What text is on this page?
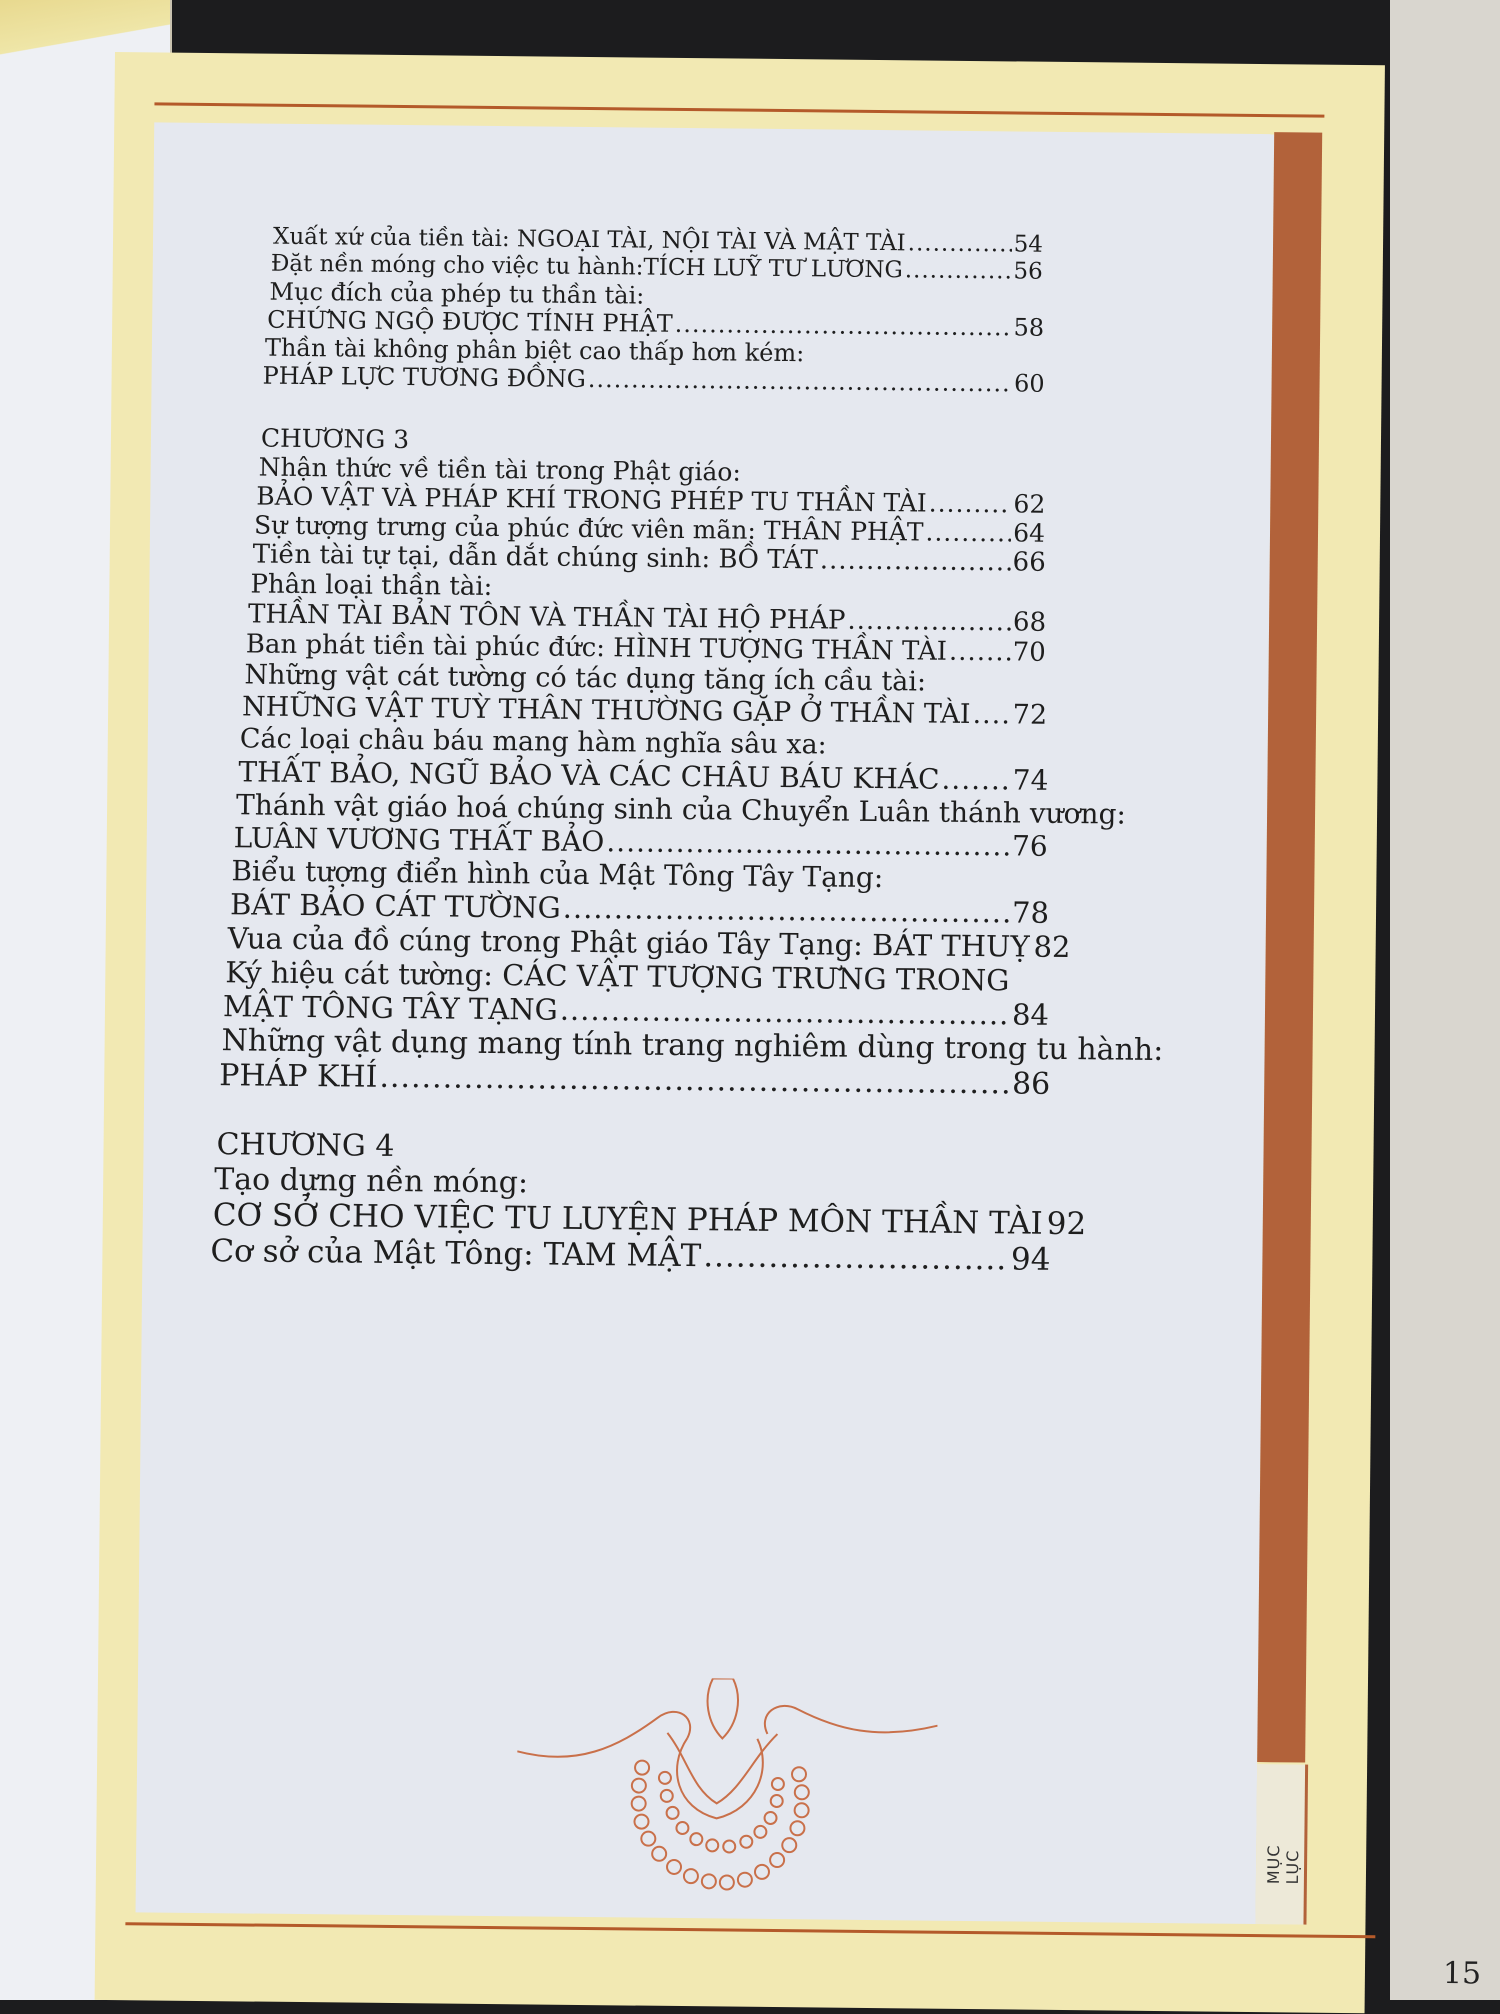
MỤC LỤC
15
Xuất xứ của tiền tài: NGOẠI TÀI, NỘI TÀI VÀ MẬT TÀI .....	54
Đặt nền móng cho việc tu hành:TÍCH LUỸ TƯ LƯƠNG .....	56
Mục đích của phép tu thần tài:
CHỨNG NGỘ ĐƯỢC TÍNH PHẬT .....	58
Thần tài không phân biệt cao thấp hơn kém:
PHÁP LỰC TƯƠNG ĐỒNG .....	60
CHƯƠNG 3
Nhận thức về tiền tài trong Phật giáo:
BẢO VẬT VÀ PHÁP KHÍ TRONG PHÉP TU THẦN TÀI .....	62
Sự tượng trưng của phúc đức viên mãn: THÂN PHẬT .....	64
Tiền tài tự tại, dẫn dắt chúng sinh: BỒ TÁT .....	66
Phân loại thần tài:
THẦN TÀI BẢN TÔN VÀ THẦN TÀI HỘ PHÁP .....	68
Ban phát tiền tài phúc đức: HÌNH TƯỢNG THẦN TÀI .....	70
Những vật cát tường có tác dụng tăng ích cầu tài:
NHỮNG VẬT TUỲ THÂN THƯỜNG GẶP Ở THẦN TÀI ..... 72
Các loại châu báu mang hàm nghĩa sâu xa:
THẤT BẢO, NGŨ BẢO VÀ CÁC CHÂU BÁU KHÁC .....	74
Thánh vật giáo hoá chúng sinh của Chuyển Luân thánh vương:
LUÂN VƯƠNG THẤT BẢO .....	76
Biểu tượng điển hình của Mật Tông Tây Tạng:
BÁT BẢO CÁT TƯỜNG .....	78
Vua của đồ cúng trong Phật giáo Tây Tạng: BÁT THUỴ ..... 82
Ký hiệu cát tường: CÁC VẬT TƯỢNG TRƯNG TRONG
MẬT TÔNG TÂY TẠNG .....	84
Những vật dụng mang tính trang nghiêm dùng trong tu hành:
PHÁP KHÍ .....	86
CHƯƠNG 4
Tạo dựng nền móng:
CƠ SỞ CHO VIỆC TU LUYỆN PHÁP MÔN THẦN TÀI ..... 92
Cơ sở của Mật Tông: TAM MẬT .....	94
